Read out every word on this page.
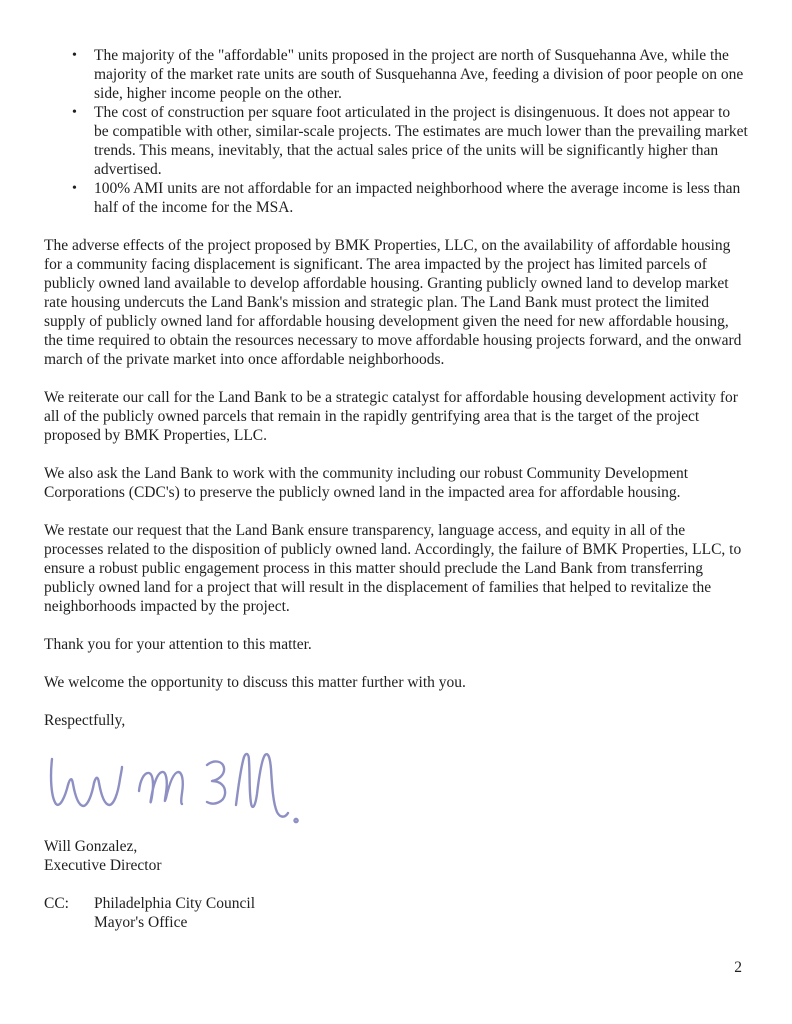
• The majority of the "affordable" units proposed in the project are north of Susquehanna Ave, while the majority of the market rate units are south of Susquehanna Ave, feeding a division of poor people on one side, higher income people on the other.
• The cost of construction per square foot articulated in the project is disingenuous. It does not appear to be compatible with other, similar-scale projects. The estimates are much lower than the prevailing market trends. This means, inevitably, that the actual sales price of the units will be significantly higher than advertised.
• 100% AMI units are not affordable for an impacted neighborhood where the average income is less than half of the income for the MSA.

The adverse effects of the project proposed by BMK Properties, LLC, on the availability of affordable housing for a community facing displacement is significant. The area impacted by the project has limited parcels of publicly owned land available to develop affordable housing. Granting publicly owned land to develop market rate housing undercuts the Land Bank's mission and strategic plan. The Land Bank must protect the limited supply of publicly owned land for affordable housing development given the need for new affordable housing, the time required to obtain the resources necessary to move affordable housing projects forward, and the onward march of the private market into once affordable neighborhoods.

We reiterate our call for the Land Bank to be a strategic catalyst for affordable housing development activity for all of the publicly owned parcels that remain in the rapidly gentrifying area that is the target of the project proposed by BMK Properties, LLC.

We also ask the Land Bank to work with the community including our robust Community Development Corporations (CDC's) to preserve the publicly owned land in the impacted area for affordable housing.

We restate our request that the Land Bank ensure transparency, language access, and equity in all of the processes related to the disposition of publicly owned land. Accordingly, the failure of BMK Properties, LLC, to ensure a robust public engagement process in this matter should preclude the Land Bank from transferring publicly owned land for a project that will result in the displacement of families that helped to revitalize the neighborhoods impacted by the project.

Thank you for your attention to this matter.

We welcome the opportunity to discuss this matter further with you.

Respectfully,

Will Gonzalez,
Executive Director
CC:	Philadelphia City Council
Mayor's Office
2
